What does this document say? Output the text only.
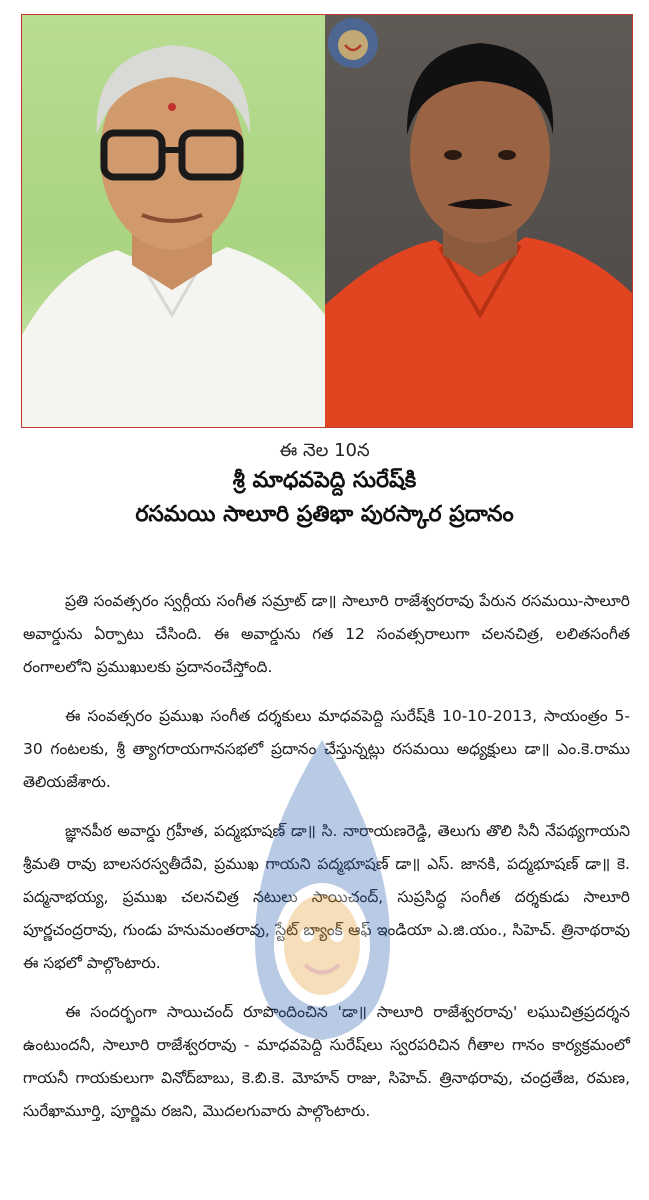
ఈ నెల 10న
శ్రీ మాధవపెద్ది సురేష్‌కి
రసమయి సాలూరి ప్రతిభా పురస్కార ప్రదానం

ప్రతి సంవత్సరం స్వర్గీయ సంగీత సమ్రాట్ డా॥ సాలూరి రాజేశ్వరరావు పేరున రసమయి-సాలూరి అవార్డును ఏర్పాటు చేసింది. ఈ అవార్డును గత 12 సంవత్సరాలుగా చలనచిత్ర, లలితసంగీత రంగాలలోని ప్రముఖులకు ప్రదానంచేస్తోంది.

ఈ సంవత్సరం ప్రముఖ సంగీత దర్శకులు మాధవపెద్ది సురేష్‌కి 10-10-2013, సాయంత్రం 5-30 గంటలకు, శ్రీ త్యాగరాయగానసభలో ప్రదానం చేస్తున్నట్లు రసమయి అధ్యక్షులు డా॥ ఎం.కె.రాము తెలియజేశారు.

జ్ఞానపీఠ అవార్డు గ్రహీత, పద్మభూషణ్ డా॥ సి. నారాయణరెడ్డి, తెలుగు తొలి సినీ నేపథ్యగాయని శ్రీమతి రావు బాలసరస్వతీదేవి, ప్రముఖ గాయని పద్మభూషణ్ డా॥ ఎస్. జానకి, పద్మభూషణ్ డా॥ కె. పద్మనాభయ్య, ప్రముఖ చలనచిత్ర నటులు సాయిచంద్, సుప్రసిద్ధ సంగీత దర్శకుడు సాలూరి పూర్ణచంద్రరావు, గుండు హనుమంతరావు, స్టేట్ బ్యాంక్ ఆఫ్ ఇండియా ఎ.జి.యం., సిహెచ్. త్రినాథరావు ఈ సభలో పాల్గొంటారు.

ఈ సందర్భంగా సాయిచంద్ రూపొందించిన 'డా॥ సాలూరి రాజేశ్వరరావు' లఘుచిత్రప్రదర్శన ఉంటుందనీ, సాలూరి రాజేశ్వరరావు - మాధవపెద్ది సురేష్‌లు స్వరపరిచిన గీతాల గానం కార్యక్రమంలో గాయనీ గాయకులుగా వినోద్‌బాబు, కె.బి.కె. మోహన్ రాజు, సిహెచ్. త్రినాథరావు, చంద్రతేజ, రమణ, సురేఖామూర్తి, పూర్ణిమ రజని, మొదలగువారు పాల్గొంటారు.
